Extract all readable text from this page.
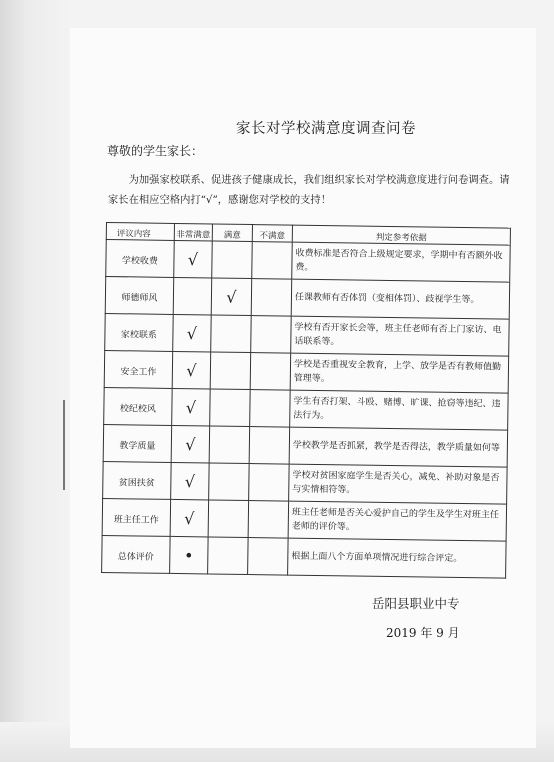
家长对学校满意度调查问卷
尊敬的学生家长：
为加强家校联系、促进孩子健康成长，我们组织家长对学校满意度进行问卷调查。请家长在相应空格内打“√”，感谢您对学校的支持！
评议内容	非常满意	满意	不满意	判定参考依据
学校收费	√			收费标准是否符合上级规定要求，学期中有否额外收费。
师德师风		√		任课教师有否体罚（变相体罚）、歧视学生等。
家校联系	√			学校有否开家长会等，班主任老师有否上门家访、电话联系等。
安全工作	√			学校是否重视安全教育，上学、放学是否有教师值勤管理等。
校纪校风	√			学生有否打架、斗殴、赌博、旷课、抢窃等违纪、违法行为。
教学质量	√			学校教学是否抓紧，教学是否得法，教学质量如何等
贫困扶贫	√			学校对贫困家庭学生是否关心，减免、补助对象是否与实情相符等。
班主任工作	√			班主任老师是否关心爱护自己的学生及学生对班主任老师的评价等。
总体评价	•			根据上面八个方面单项情况进行综合评定。
岳阳县职业中专
2019 年 9 月
